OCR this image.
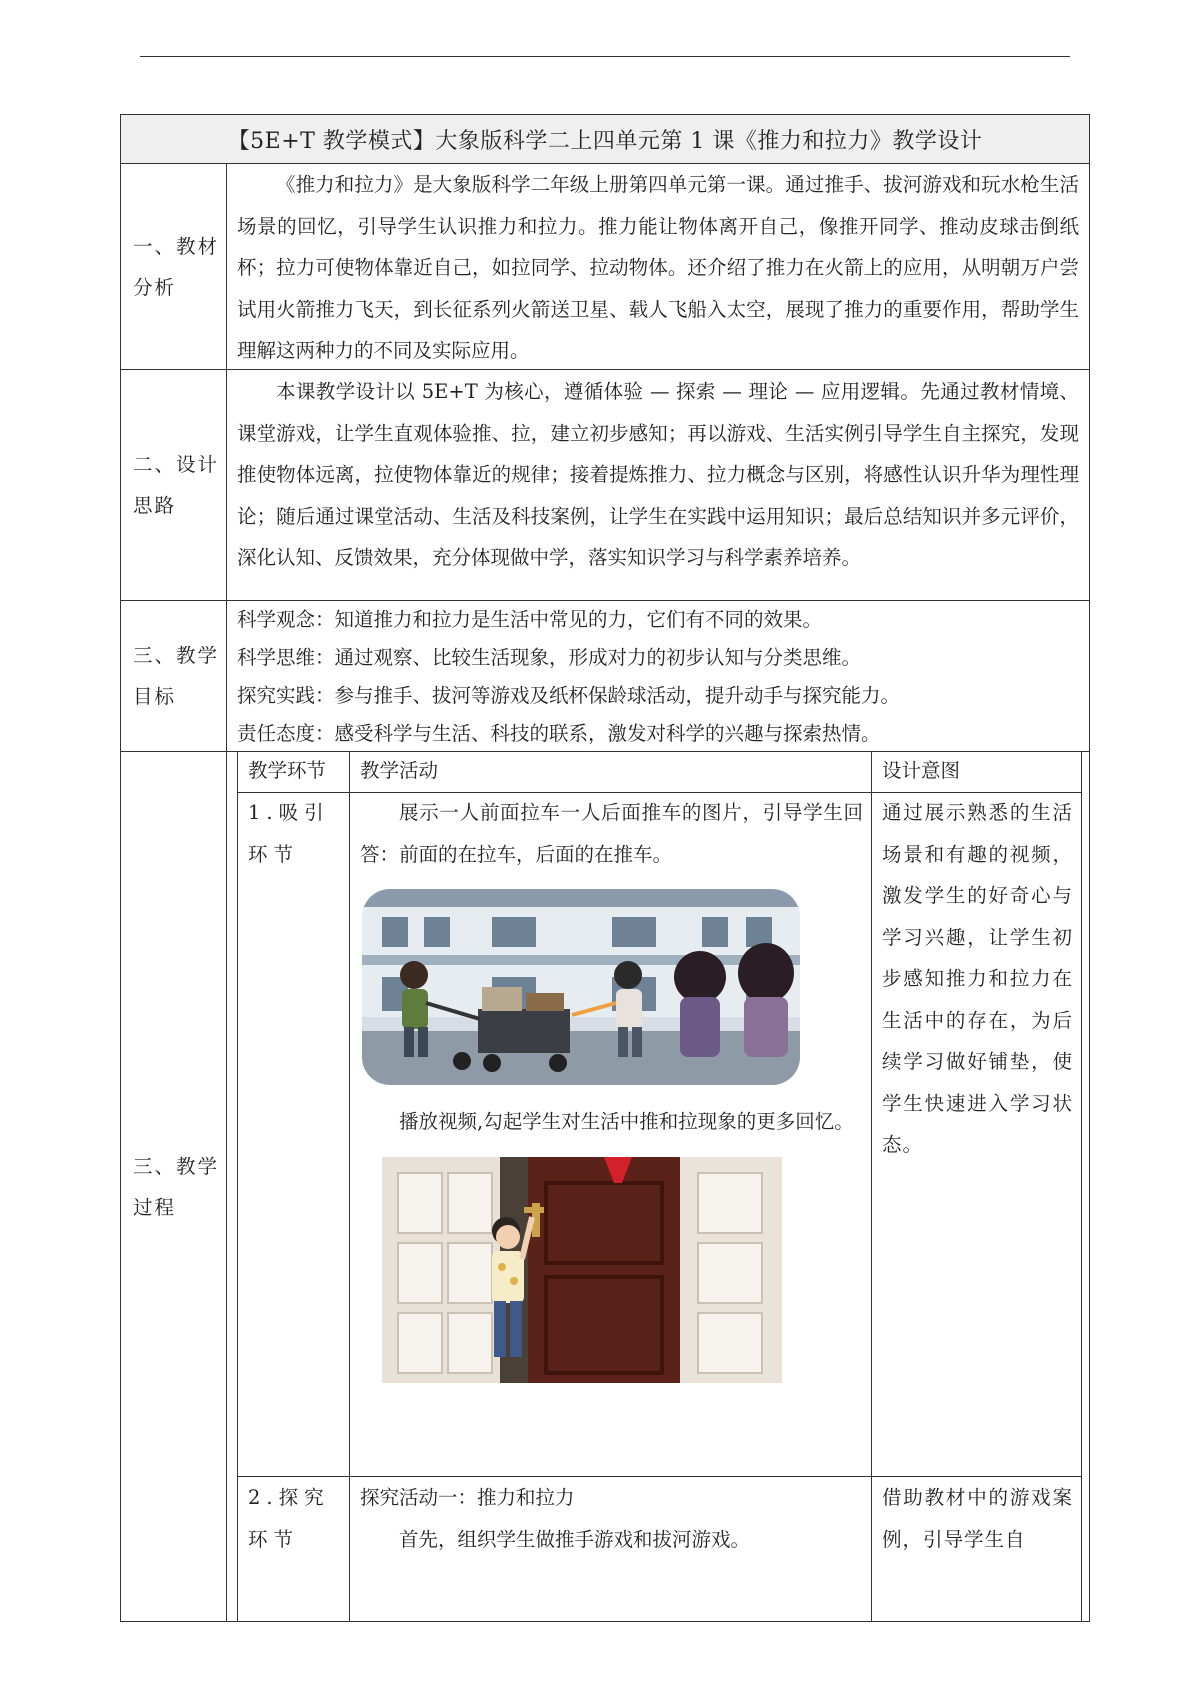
【5E+T 教学模式】大象版科学二上四单元第 1 课《推力和拉力》教学设计
一、教材分析

《推力和拉力》是大象版科学二年级上册第四单元第一课。通过推手、拔河游戏和玩水枪生活场景的回忆，引导学生认识推力和拉力。推力能让物体离开自己，像推开同学、推动皮球击倒纸杯；拉力可使物体靠近自己，如拉同学、拉动物体。还介绍了推力在火箭上的应用，从明朝万户尝试用火箭推力飞天，到长征系列火箭送卫星、载人飞船入太空，展现了推力的重要作用，帮助学生理解这两种力的不同及实际应用。

二、设计思路

本课教学设计以 5E+T 为核心，遵循体验 — 探索 — 理论 — 应用逻辑。先通过教材情境、课堂游戏，让学生直观体验推、拉，建立初步感知；再以游戏、生活实例引导学生自主探究，发现推使物体远离，拉使物体靠近的规律；接着提炼推力、拉力概念与区别，将感性认识升华为理性理论；随后通过课堂活动、生活及科技案例，让学生在实践中运用知识；最后总结知识并多元评价，深化认知、反馈效果，充分体现做中学，落实知识学习与科学素养培养。

三、教学目标

科学观念：知道推力和拉力是生活中常见的力，它们有不同的效果。

科学思维：通过观察、比较生活现象，形成对力的初步认知与分类思维。

探究实践：参与推手、拔河等游戏及纸杯保龄球活动，提升动手与探究能力。

责任态度：感受科学与生活、科技的联系，激发对科学的兴趣与探索热情。

三、教学过程
教学环节	教学活动	设计意图
1.吸引环节

展示一人前面拉车一人后面推车的图片，引导学生回答：前面的在拉车，后面的在推车。

播放视频,勾起学生对生活中推和拉现象的更多回忆。

通过展示熟悉的生活场景和有趣的视频，激发学生的好奇心与学习兴趣，让学生初步感知推力和拉力在生活中的存在，为后续学习做好铺垫，使学生快速进入学习状态。
2.探究环节

探究活动一：推力和拉力

首先，组织学生做推手游戏和拔河游戏。

借助教材中的游戏案例，引导学生自
